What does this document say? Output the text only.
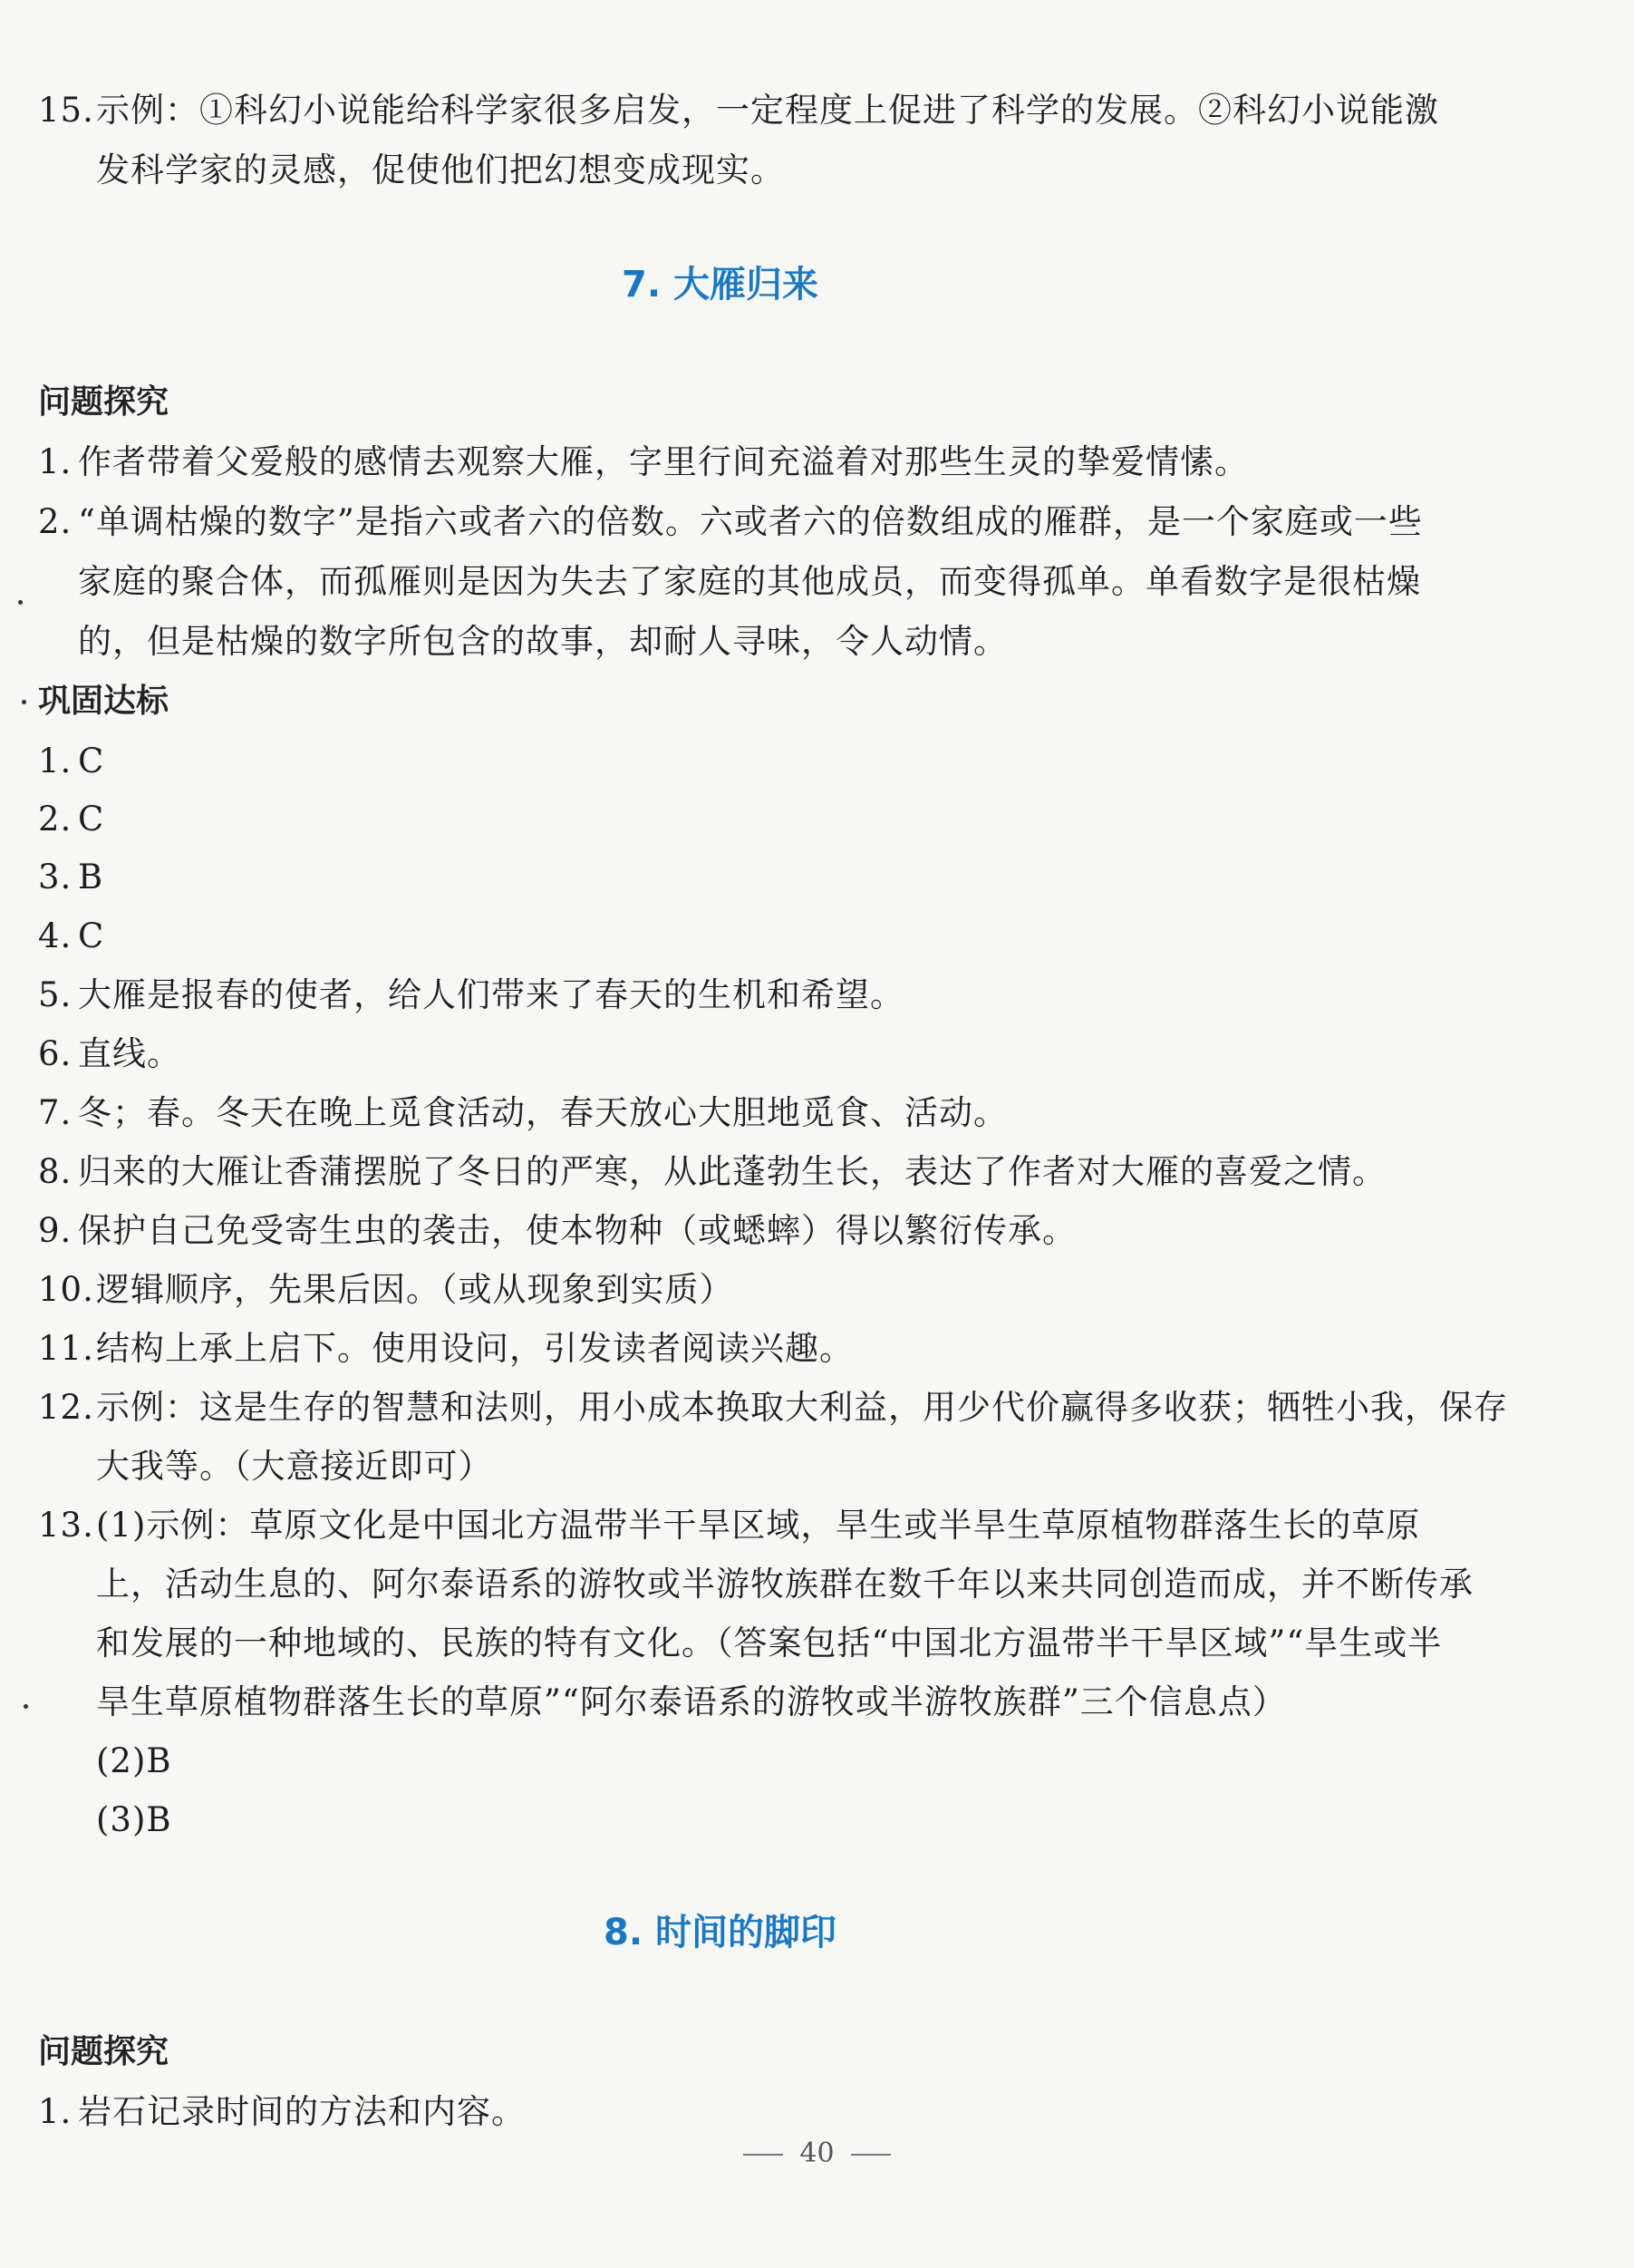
15.示例：①科幻小说能给科学家很多启发，一定程度上促进了科学的发展。②科幻小说能激
发科学家的灵感，促使他们把幻想变成现实。
7. 大雁归来
问题探究
1. 作者带着父爱般的感情去观察大雁，字里行间充溢着对那些生灵的挚爱情愫。
2. “单调枯燥的数字”是指六或者六的倍数。六或者六的倍数组成的雁群，是一个家庭或一些
家庭的聚合体，而孤雁则是因为失去了家庭的其他成员，而变得孤单。单看数字是很枯燥
的，但是枯燥的数字所包含的故事，却耐人寻味，令人动情。
巩固达标
1. C
2. C
3. B
4. C
5. 大雁是报春的使者，给人们带来了春天的生机和希望。
6. 直线。
7. 冬；春。冬天在晚上觅食活动，春天放心大胆地觅食、活动。
8. 归来的大雁让香蒲摆脱了冬日的严寒，从此蓬勃生长，表达了作者对大雁的喜爱之情。
9. 保护自己免受寄生虫的袭击，使本物种（或蟋蟀）得以繁衍传承。
10.逻辑顺序，先果后因。（或从现象到实质）
11.结构上承上启下。使用设问，引发读者阅读兴趣。
12.示例：这是生存的智慧和法则，用小成本换取大利益，用少代价赢得多收获；牺牲小我，保存
大我等。（大意接近即可）
13.(1)示例：草原文化是中国北方温带半干旱区域，旱生或半旱生草原植物群落生长的草原
上，活动生息的、阿尔泰语系的游牧或半游牧族群在数千年以来共同创造而成，并不断传承
和发展的一种地域的、民族的特有文化。（答案包括“中国北方温带半干旱区域”“旱生或半
旱生草原植物群落生长的草原”“阿尔泰语系的游牧或半游牧族群”三个信息点）
(2)B
(3)B
8. 时间的脚印
问题探究
1. 岩石记录时间的方法和内容。
40
